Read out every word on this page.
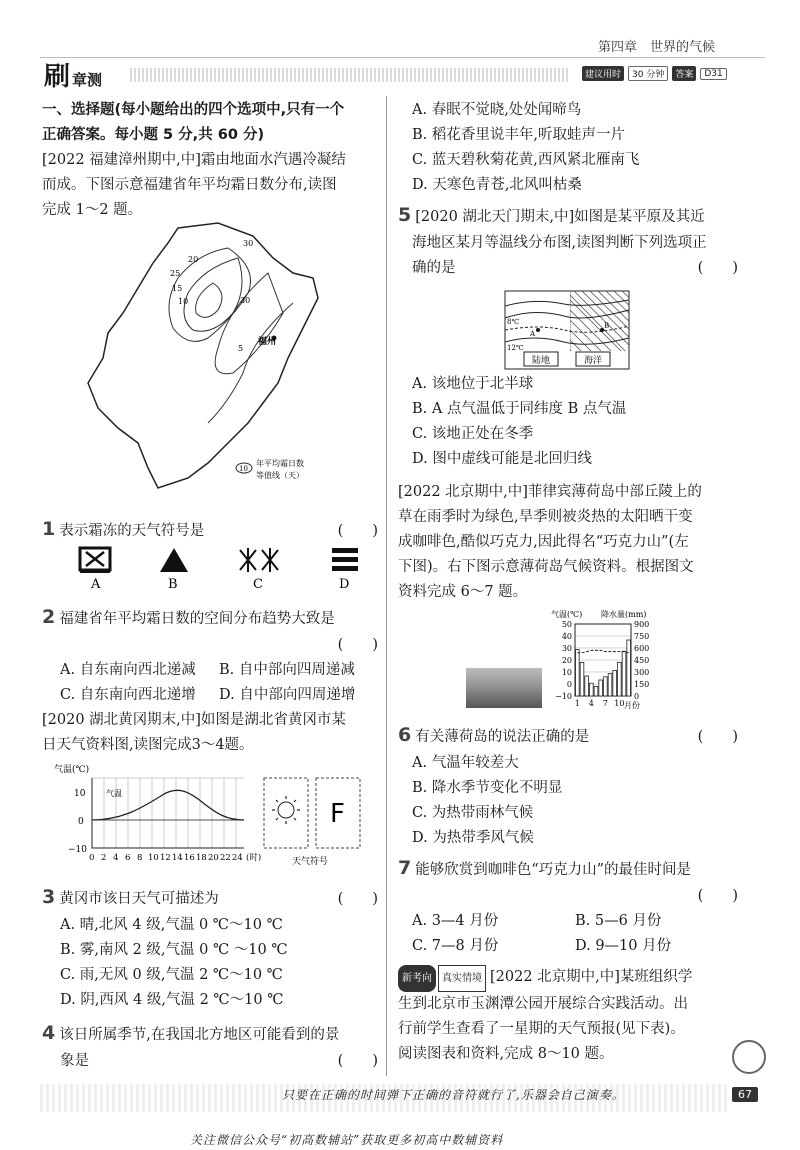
第四章　世界的气候
刷 章测	建议用时	30 分钟	答案	D31
一、选择题(每小题给出的四个选项中,只有一个
正确答案。每小题 5 分,共 60 分)
[2022 福建漳州期中,中]霜由地面水汽遇冷凝结
而成。下图示意福建省年平均霜日数分布,读图
完成 1～2 题。
30
25
20
15
10	30
5
福州
10
年平均霜日数
等值线（天）
1 表示霜冻的天气符号是	(　　)
A	B	C	D
2 福建省年平均霜日数的空间分布趋势大致是
(　　)
A. 自东南向西北递减	B. 自中部向四周递减
C. 自东南向西北递增	D. 自中部向四周递增
[2020 湖北黄冈期末,中]如图是湖北省黄冈市某
日天气资料图,读图完成3～4题。
气温(℃)
气温
10
0
−10
0 2 4 6 8 10 12 14 16 18 20 22 24 (时)
F
天气符号
3 黄冈市该日天气可描述为	(　　)
A. 晴,北风 4 级,气温 0 ℃～10 ℃
B. 雾,南风 2 级,气温 0 ℃ ～10 ℃
C. 雨,无风 0 级,气温 2 ℃～10 ℃
D. 阴,西风 4 级,气温 2 ℃～10 ℃
4 该日所属季节,在我国北方地区可能看到的景
象是	(　　)
A. 春眠不觉晓,处处闻啼鸟
B. 稻花香里说丰年,听取蛙声一片
C. 蓝天碧秋菊花黄,西风紧北雁南飞
D. 天寒色青苍,北风叫枯桑
5 [2020 湖北天门期末,中]如图是某平原及其近
海地区某月等温线分布图,读图判断下列选项正
确的是	(　　)
8℃
12℃
A
B
陆地	海洋
A. 该地位于北半球
B. A 点气温低于同纬度 B 点气温
C. 该地正处在冬季
D. 图中虚线可能是北回归线
[2022 北京期中,中]菲律宾薄荷岛中部丘陵上的
草在雨季时为绿色,旱季则被炎热的太阳晒干变
成咖啡色,酷似巧克力,因此得名“巧克力山”(左
下图)。右下图示意薄荷岛气候资料。根据图文
资料完成 6～7 题。
气温(℃) 降水量(mm)
50
40
30
20
10
0
−10
900
750
600
450
300
150
0
1 4 7 10 月份
6 有关薄荷岛的说法正确的是	(　　)
A. 气温年较差大
B. 降水季节变化不明显
C. 为热带雨林气候
D. 为热带季风气候
7 能够欣赏到咖啡色“巧克力山”的最佳时间是
(　　)
A. 3—4 月份	B. 5—6 月份
C. 7—8 月份	D. 9—10 月份
新考向 真实情境 [2022 北京期中,中]某班组织学
生到北京市玉渊潭公园开展综合实践活动。出
行前学生查看了一星期的天气预报(见下表)。
阅读图表和资料,完成 8～10 题。
只要在正确的时间弹下正确的音符就行了,乐器会自己演奏。	67
关注微信公众号“初高数辅站”获取更多初高中数辅资料
